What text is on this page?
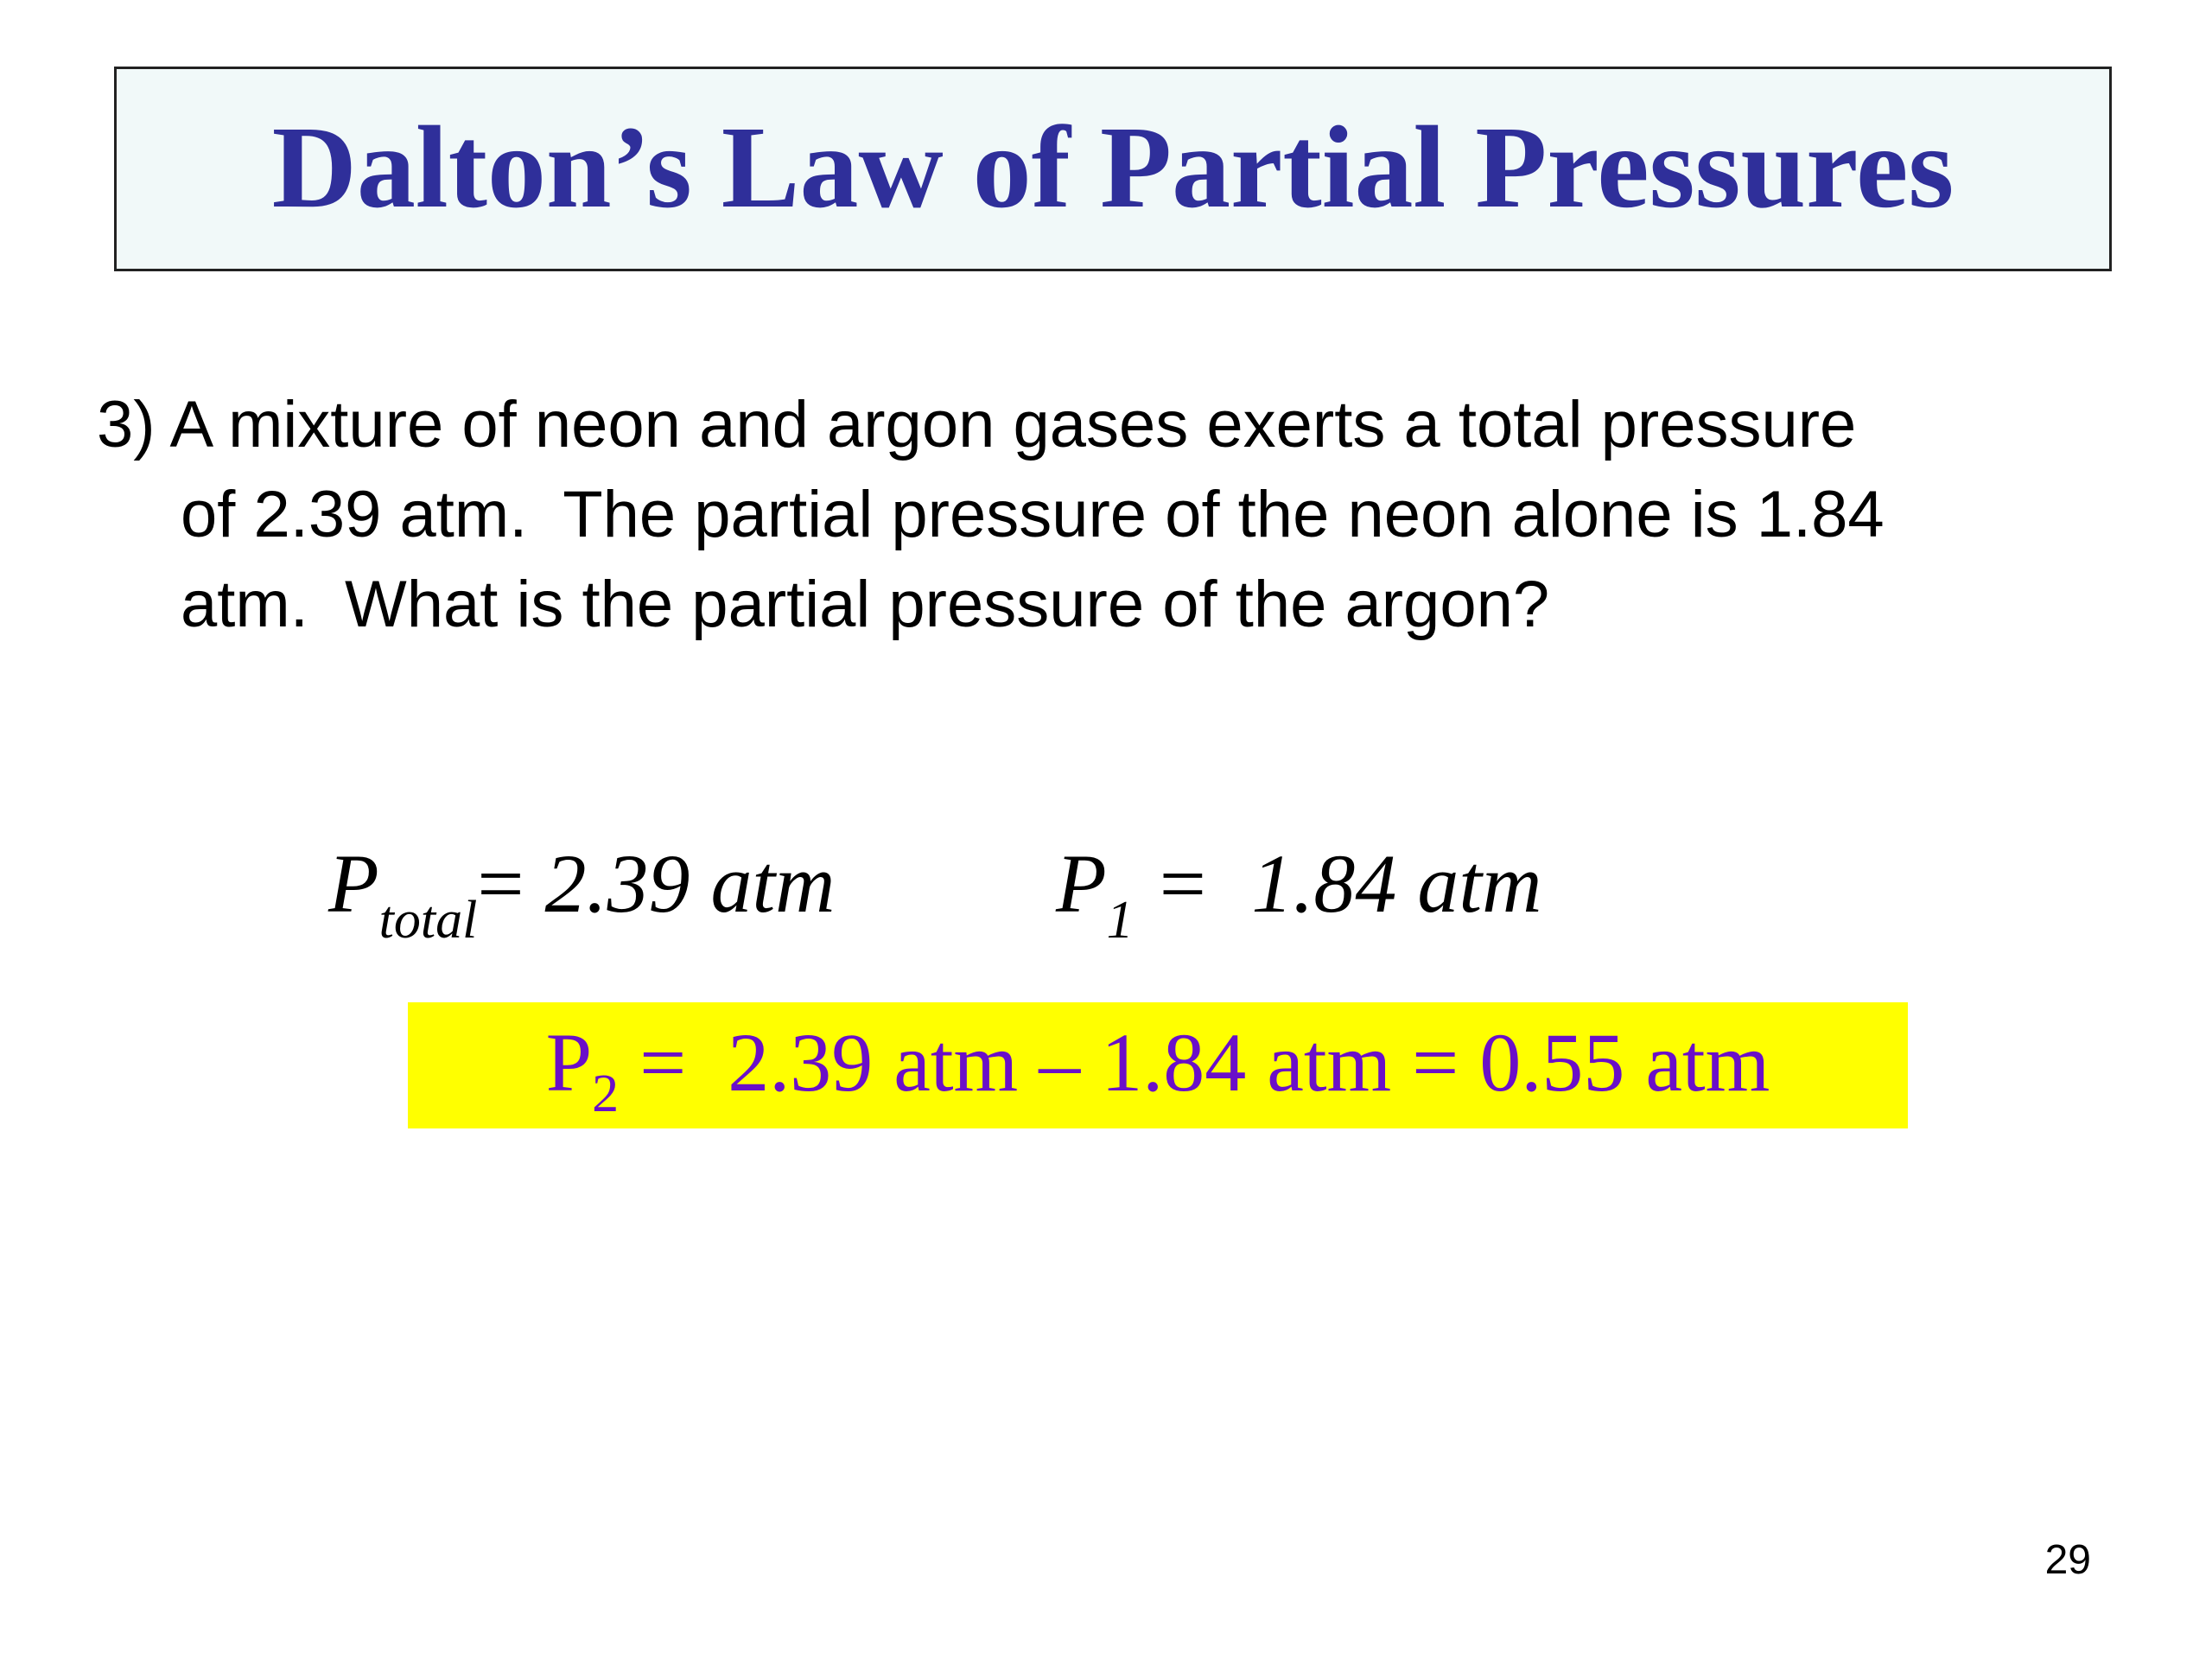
Dalton’s Law of Partial Pressures
3) A mixture of neon and argon gases exerts a total pressure
of 2.39 atm.  The partial pressure of the neon alone is 1.84
atm.  What is the partial pressure of the argon?
$P_{total}= 2.39$ atm	$P_1 = 1.84$ atm
$P_2 = 2.39$ atm – 1.84 atm = 0.55 atm
29
